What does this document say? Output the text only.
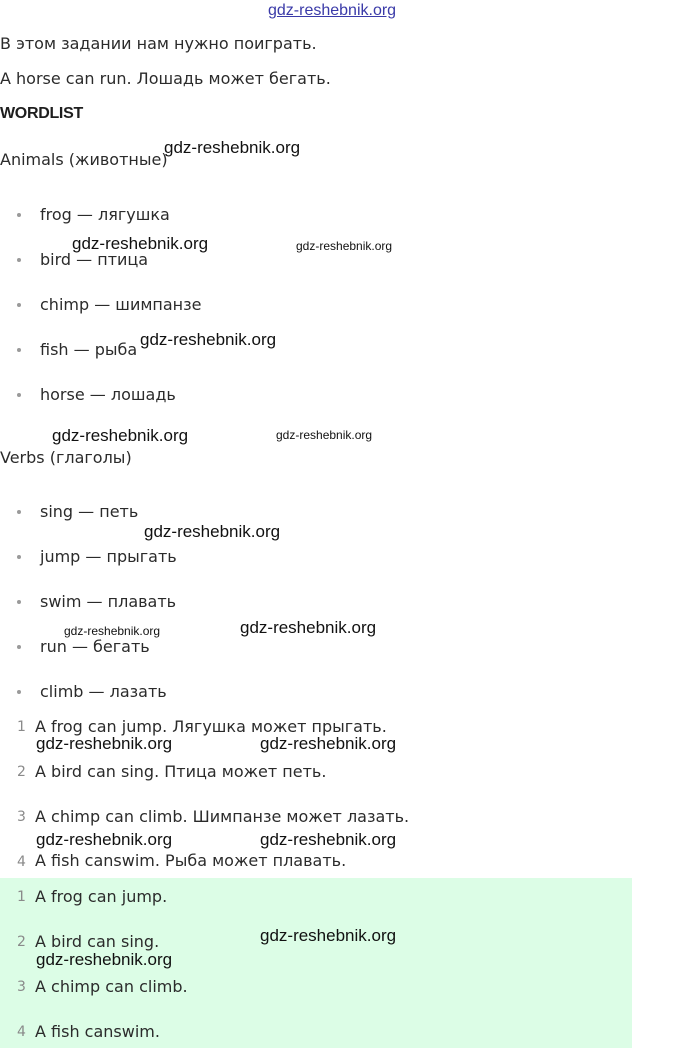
gdz-reshebnik.org

В этом задании нам нужно поиграть.

A horse can run. Лошадь может бегать.

WORDLIST

Animals (животные)

frog — лягушка
bird — птица
chimp — шимпанзе
fish — рыба
horse — лошадь

Verbs (глаголы)

sing — петь
jump — прыгать
swim — плавать
run — бегать
climb — лазать
1 A frog can jump. Лягушка может прыгать.
2 A bird can sing. Птица может петь.
3 A chimp can climb. Шимпанзе может лазать.
4 A fish canswim. Рыба может плавать.
1 A frog can jump.
2 A bird can sing.
3 A chimp can climb.
4 A fish canswim.
gdz-reshebnik.org
gdz-reshebnik.org	gdz-reshebnik.org
gdz-reshebnik.org
gdz-reshebnik.org	gdz-reshebnik.org
gdz-reshebnik.org
gdz-reshebnik.org	gdz-reshebnik.org
gdz-reshebnik.org	gdz-reshebnik.org
gdz-reshebnik.org	gdz-reshebnik.org
gdz-reshebnik.org
gdz-reshebnik.org
